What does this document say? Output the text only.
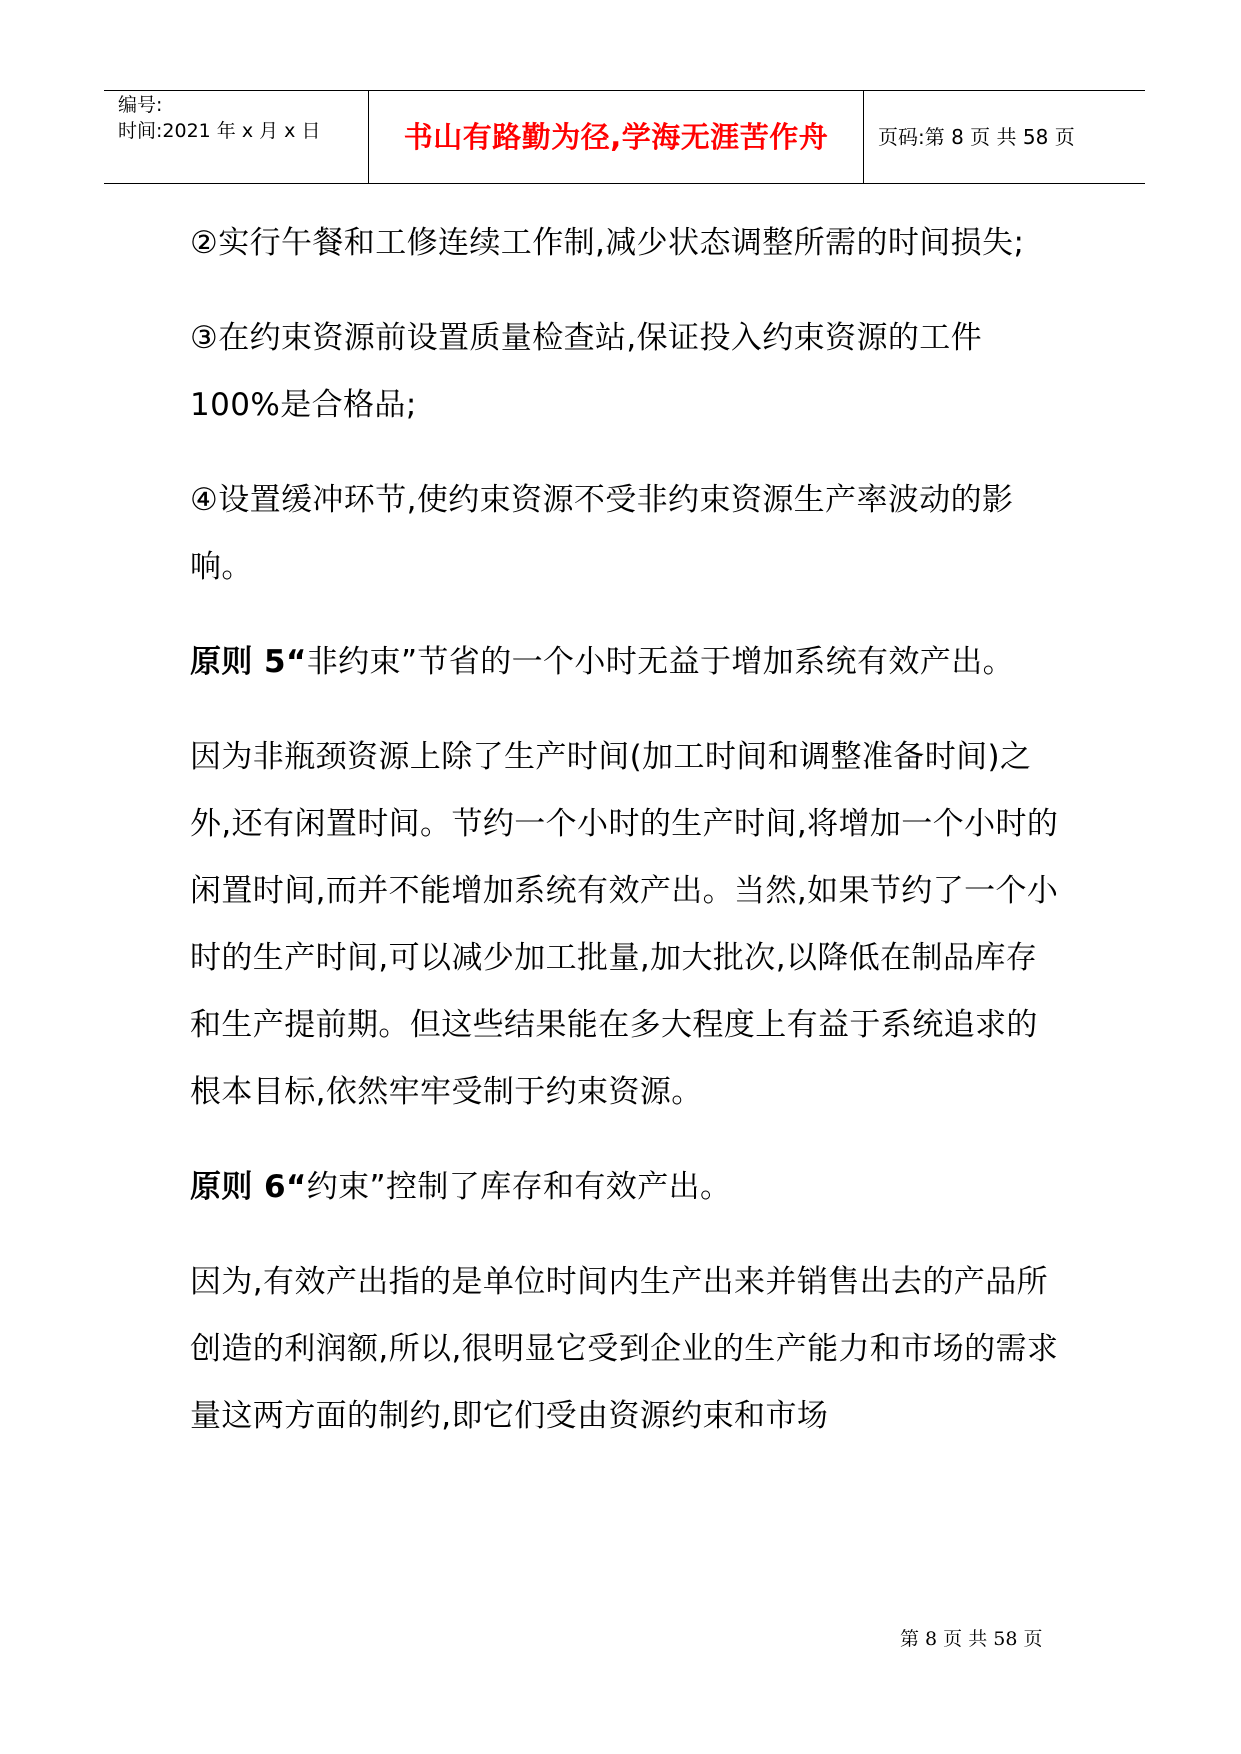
编号:
时间:2021 年 x 月 x 日	书山有路勤为径,学海无涯苦作舟	页码:第 8 页 共 58 页

②实行午餐和工修连续工作制,减少状态调整所需的时间损失;

③在约束资源前设置质量检查站,保证投入约束资源的工件100%是合格品;

④设置缓冲环节,使约束资源不受非约束资源生产率波动的影响。

原则 5“非约束”节省的一个小时无益于增加系统有效产出。

因为非瓶颈资源上除了生产时间(加工时间和调整准备时间)之外,还有闲置时间。节约一个小时的生产时间,将增加一个小时的闲置时间,而并不能增加系统有效产出。当然,如果节约了一个小时的生产时间,可以减少加工批量,加大批次,以降低在制品库存和生产提前期。但这些结果能在多大程度上有益于系统追求的根本目标,依然牢牢受制于约束资源。

原则 6“约束”控制了库存和有效产出。

因为,有效产出指的是单位时间内生产出来并销售出去的产品所创造的利润额,所以,很明显它受到企业的生产能力和市场的需求量这两方面的制约,即它们受由资源约束和市场

第 8 页 共 58 页
